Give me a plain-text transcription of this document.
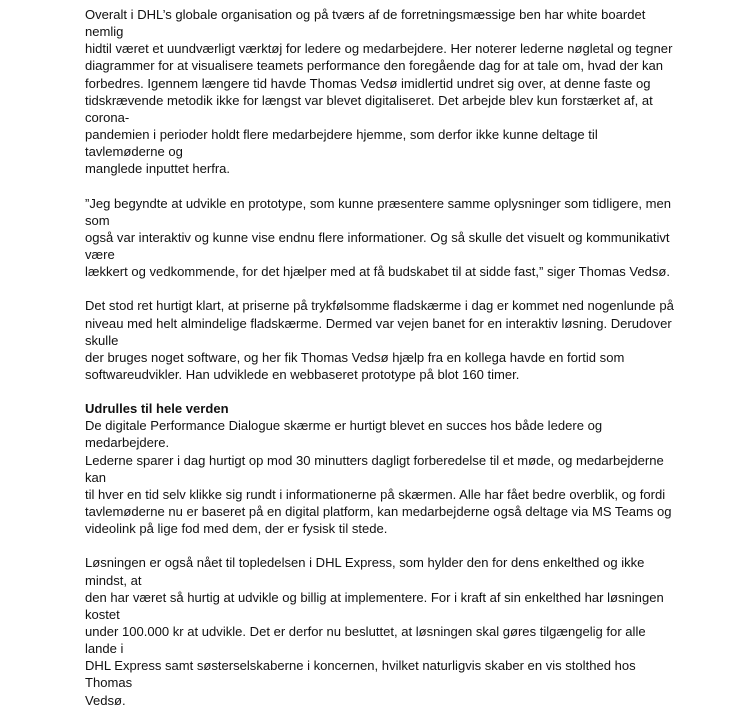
Overalt i DHL’s globale organisation og på tværs af de forretningsmæssige ben har white boardet nemlig
hidtil været et uundværligt værktøj for ledere og medarbejdere. Her noterer lederne nøgletal og tegner
diagrammer for at visualisere teamets performance den foregående dag for at tale om, hvad der kan
forbedres. Igennem længere tid havde Thomas Vedsø imidlertid undret sig over, at denne faste og
tidskrævende metodik ikke for længst var blevet digitaliseret. Det arbejde blev kun forstærket af, at corona-
pandemien i perioder holdt flere medarbejdere hjemme, som derfor ikke kunne deltage til tavlemøderne og
manglede inputtet herfra.

”Jeg begyndte at udvikle en prototype, som kunne præsentere samme oplysninger som tidligere, men som
også var interaktiv og kunne vise endnu flere informationer. Og så skulle det visuelt og kommunikativt være
lækkert og vedkommende, for det hjælper med at få budskabet til at sidde fast,” siger Thomas Vedsø.

Det stod ret hurtigt klart, at priserne på trykfølsomme fladskærme i dag er kommet ned nogenlunde på
niveau med helt almindelige fladskærme. Dermed var vejen banet for en interaktiv løsning. Derudover skulle
der bruges noget software, og her fik Thomas Vedsø hjælp fra en kollega havde en fortid som
softwareudvikler. Han udviklede en webbaseret prototype på blot 160 timer.

Udrulles til hele verden

De digitale Performance Dialogue skærme er hurtigt blevet en succes hos både ledere og medarbejdere.
Lederne sparer i dag hurtigt op mod 30 minutters dagligt forberedelse til et møde, og medarbejderne kan
til hver en tid selv klikke sig rundt i informationerne på skærmen. Alle har fået bedre overblik, og fordi
tavlemøderne nu er baseret på en digital platform, kan medarbejderne også deltage via MS Teams og
videolink på lige fod med dem, der er fysisk til stede.

Løsningen er også nået til topledelsen i DHL Express, som hylder den for dens enkelthed og ikke mindst, at
den har været så hurtig at udvikle og billig at implementere. For i kraft af sin enkelthed har løsningen kostet
under 100.000 kr at udvikle. Det er derfor nu besluttet, at løsningen skal gøres tilgængelig for alle lande i
DHL Express samt søsterselskaberne i koncernen, hvilket naturligvis skaber en vis stolthed hos Thomas
Vedsø.
